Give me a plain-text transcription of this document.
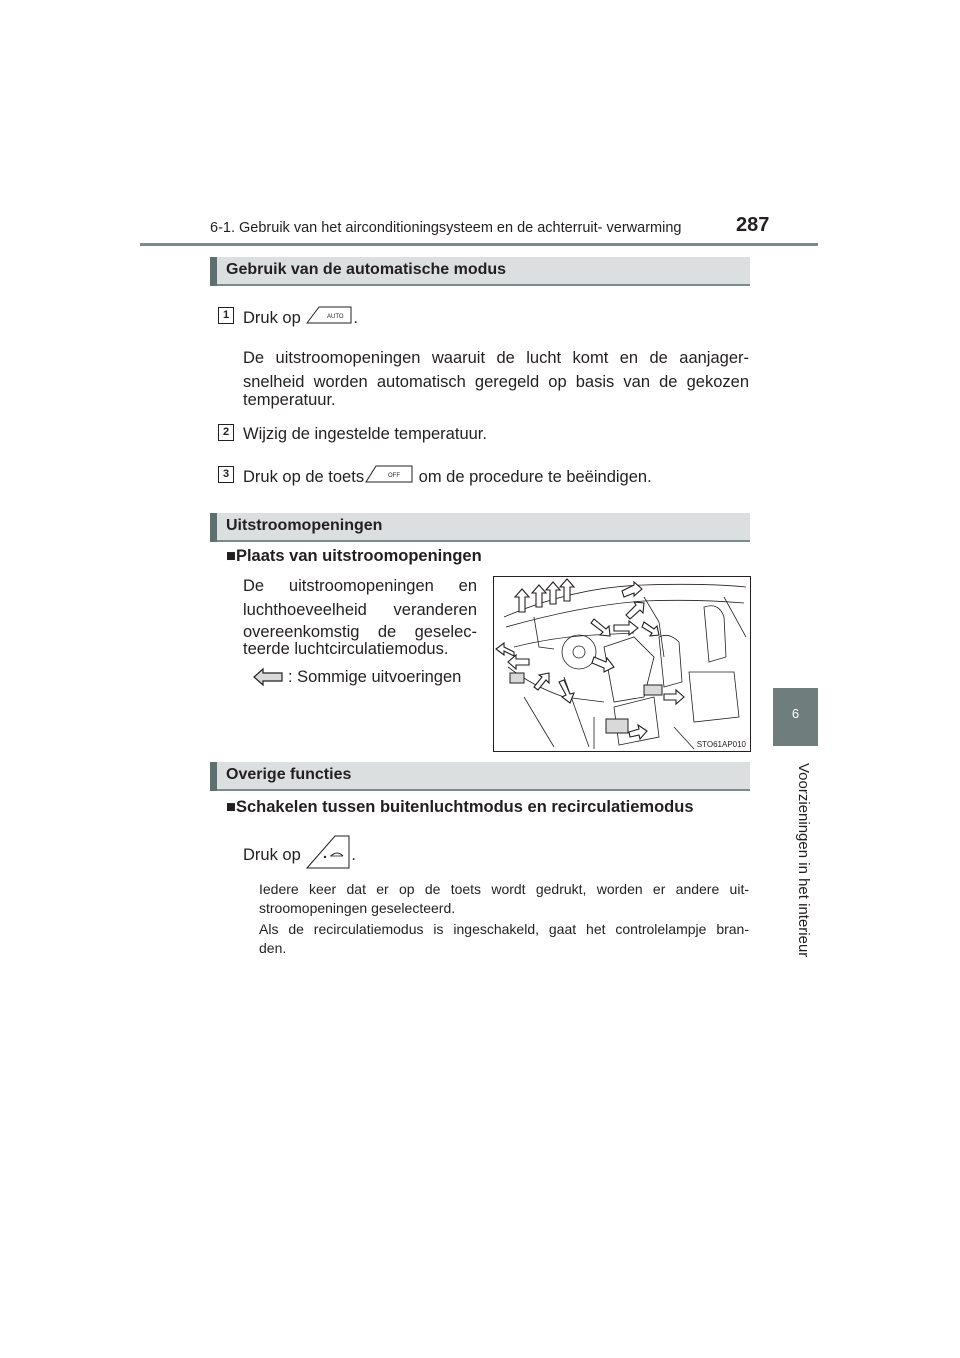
6-1. Gebruik van het airconditioningsysteem en de achterruit- verwarming	287
6
Voorzieningen in het interieur
Gebruik van de automatische modus
1 Druk op	AUTO .
De uitstroomopeningen waaruit de lucht komt en de aanjager-
snelheid worden automatisch geregeld op basis van de gekozen
temperatuur.
2 Wijzig de ingestelde temperatuur.
3 Druk op de toets	OFF om de procedure te beëindigen.
Uitstroomopeningen
■Plaats van uitstroomopeningen
De uitstroomopeningen en
luchthoeveelheid veranderen
overeenkomstig de geselec-
teerde luchtcirculatiemodus.
: Sommige uitvoeringen
STO61AP010
Overige functies
■Schakelen tussen buitenluchtmodus en recirculatiemodus
Druk op	.
Iedere keer dat er op de toets wordt gedrukt, worden er andere uit-
stroomopeningen geselecteerd.
Als de recirculatiemodus is ingeschakeld, gaat het controlelampje bran-
den.
